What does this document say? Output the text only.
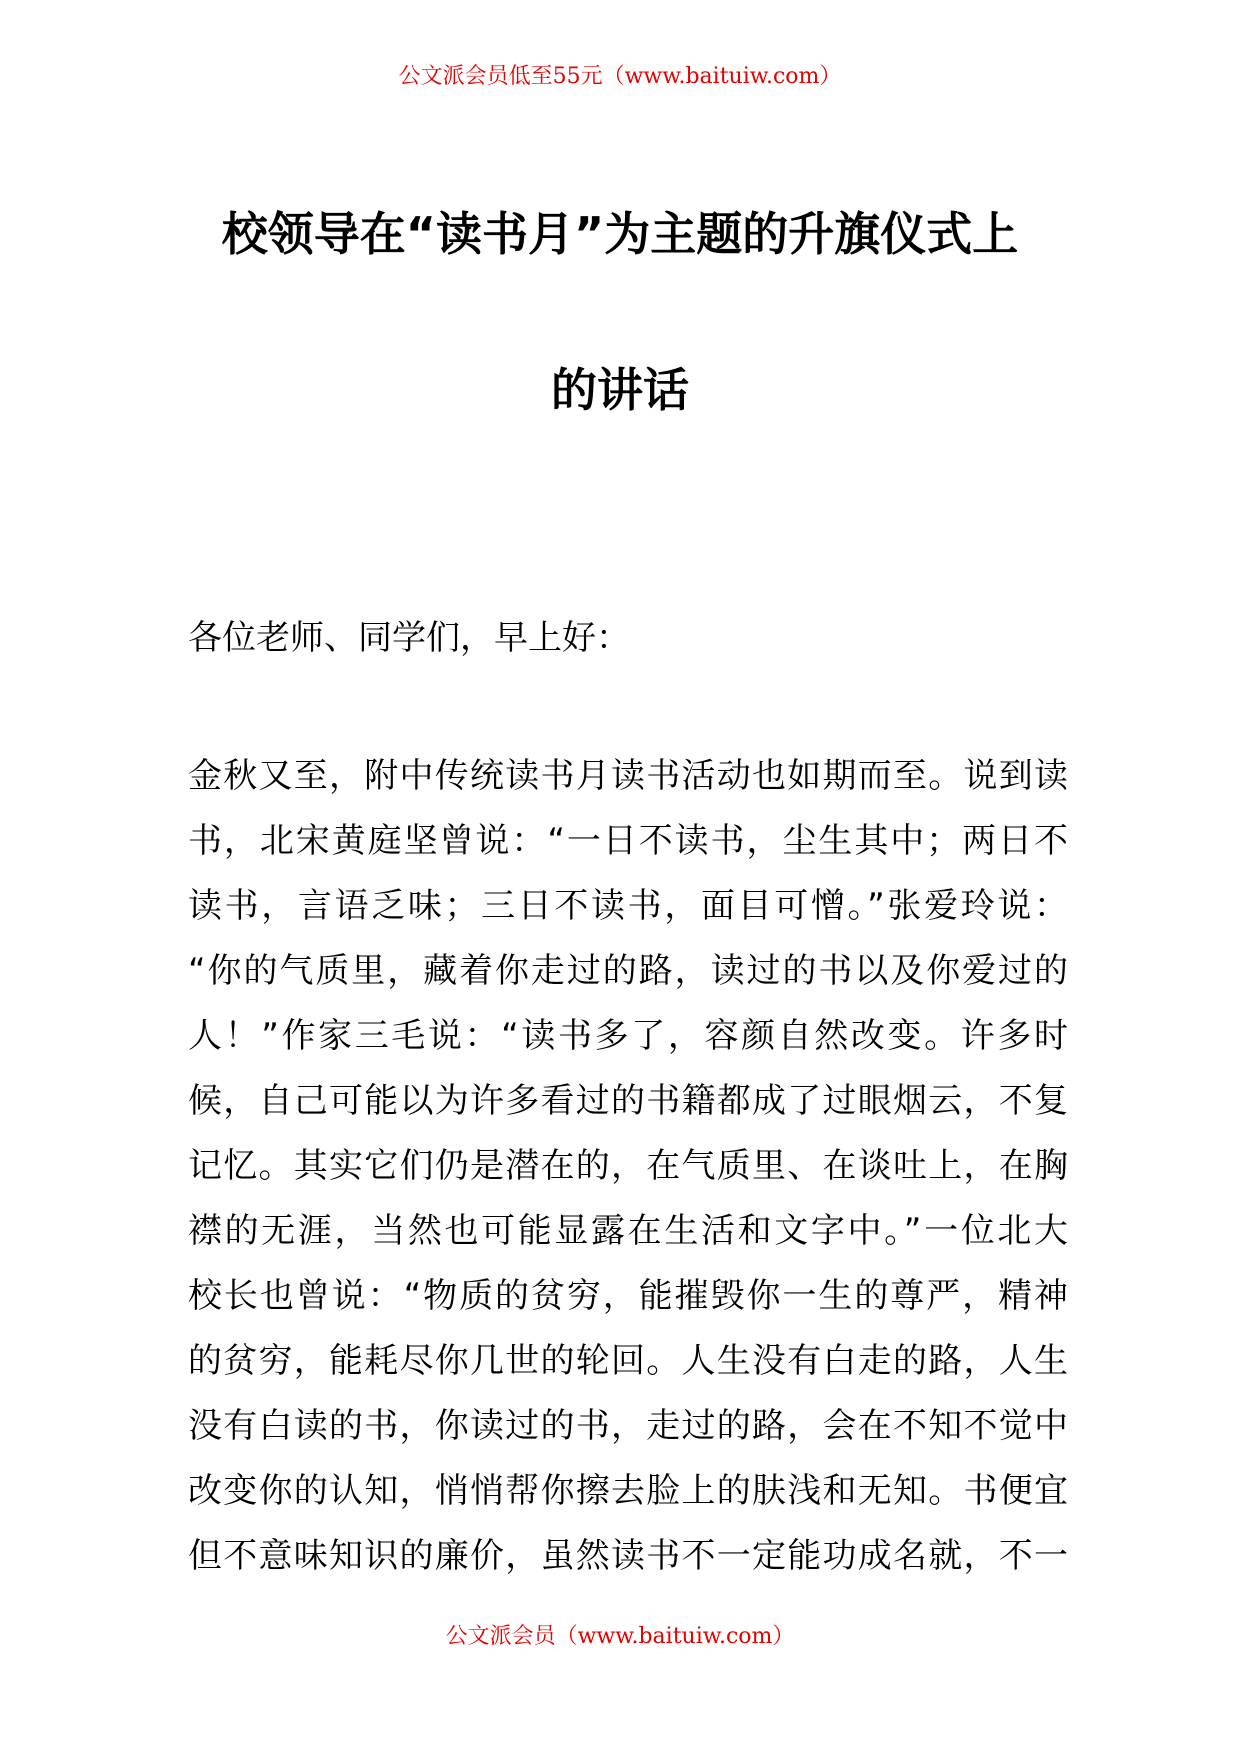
公文派会员低至55元（www.baituiw.com）
校领导在“读书月”为主题的升旗仪式上
的讲话
各位老师、同学们，早上好：
金秋又至，附中传统读书月读书活动也如期而至。说到读
书，北宋黄庭坚曾说：“一日不读书，尘生其中；两日不
读书，言语乏味；三日不读书，面目可憎。”张爱玲说：
“你的气质里，藏着你走过的路，读过的书以及你爱过的
人！”作家三毛说：“读书多了，容颜自然改变。许多时
候，自己可能以为许多看过的书籍都成了过眼烟云，不复
记忆。其实它们仍是潜在的，在气质里、在谈吐上，在胸
襟的无涯，当然也可能显露在生活和文字中。”一位北大
校长也曾说：“物质的贫穷，能摧毁你一生的尊严，精神
的贫穷，能耗尽你几世的轮回。人生没有白走的路，人生
没有白读的书，你读过的书，走过的路，会在不知不觉中
改变你的认知，悄悄帮你擦去脸上的肤浅和无知。书便宜
但不意味知识的廉价，虽然读书不一定能功成名就，不一
公文派会员（www.baituiw.com）
